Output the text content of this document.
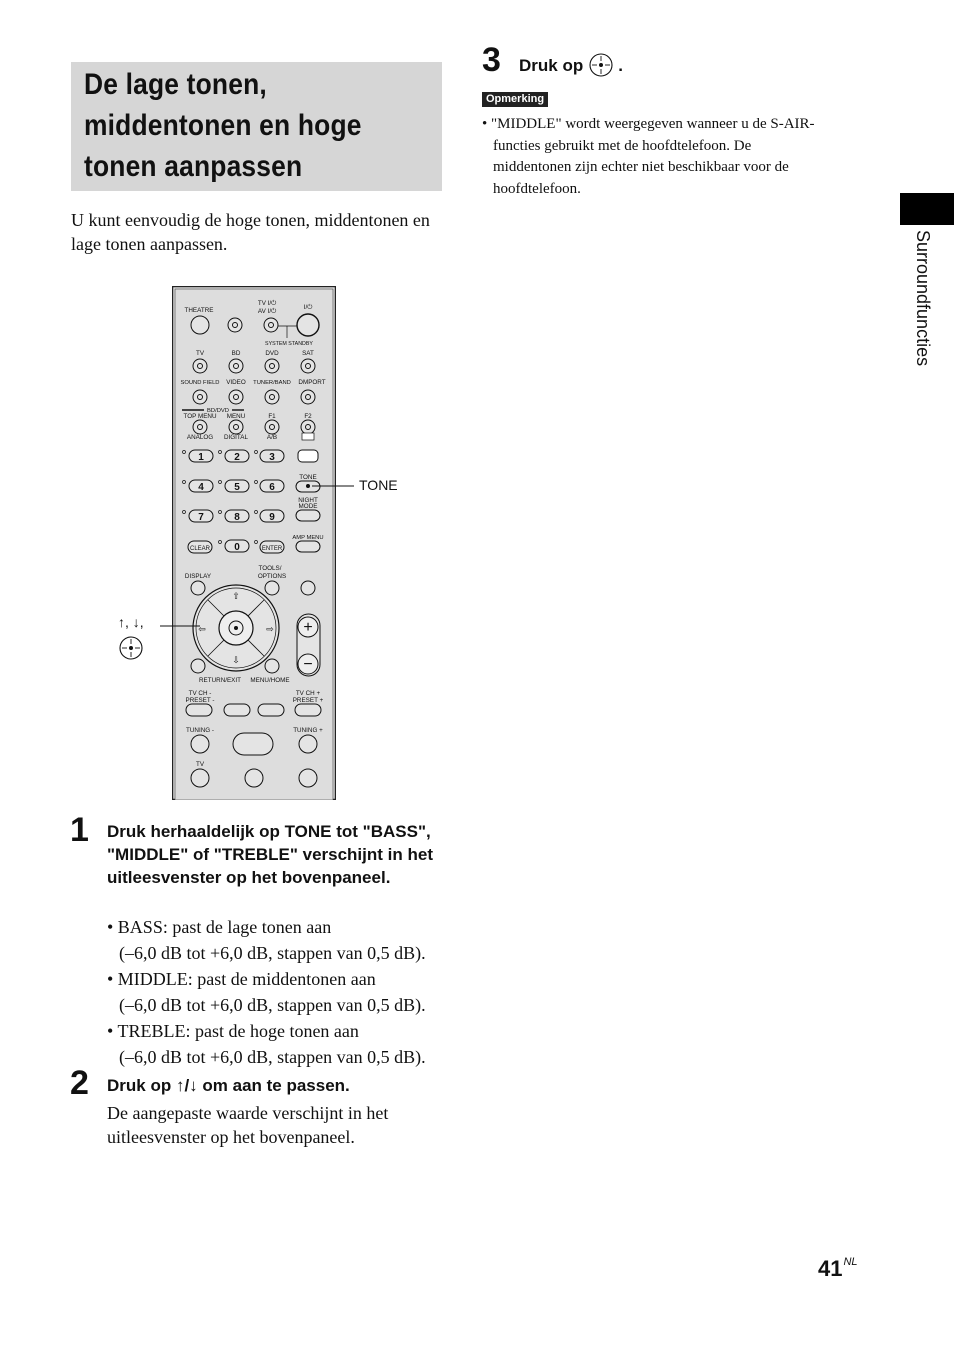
De lage tonen,
middentonen en hoge
tonen aanpassen
U kunt eenvoudig de hoge tonen, middentonen en lage tonen aanpassen.
THEATRE
TV I/⏻
AV I/⏻
I/⏻
SYSTEM STANDBY
TV	BD	DVD	SAT
SOUND FIELD VIDEO TUNER/BAND DMPORT
BD/DVD
TOP MENU MENU	F1	F2
ANALOG DIGITAL	A/B
1	2	3
4	5	6
7	8	9
0
TONE
NIGHT
MODE
CLEAR	ENTER
AMP MENU
DISPLAY
TOOLS/
OPTIONS
⇧
⇩
⇦	⇨ +
−
RETURN/EXIT MENU/HOME
TV CH -
PRESET -
TV CH +
PRESET +
TUNING -	TUNING +
TV
TONE
↑, ↓,
1 Druk herhaaldelijk op TONE tot "BASS", "MIDDLE" of "TREBLE" verschijnt in het uitleesvenster op het bovenpaneel.
• BASS: past de lage tonen aan
(–6,0 dB tot +6,0 dB, stappen van 0,5 dB).
• MIDDLE: past de middentonen aan
(–6,0 dB tot +6,0 dB, stappen van 0,5 dB).
• TREBLE: past de hoge tonen aan
(–6,0 dB tot +6,0 dB, stappen van 0,5 dB).
2 Druk op ↑/↓ om aan te passen.
De aangepaste waarde verschijnt in het uitleesvenster op het bovenpaneel.
3 Druk op .
Opmerking
• "MIDDLE" wordt weergegeven wanneer u de S-AIR-
functies gebruikt met de hoofdtelefoon. De
middentonen zijn echter niet beschikbaar voor de
hoofdtelefoon.
Surroundfuncties
$41^{NL}$
